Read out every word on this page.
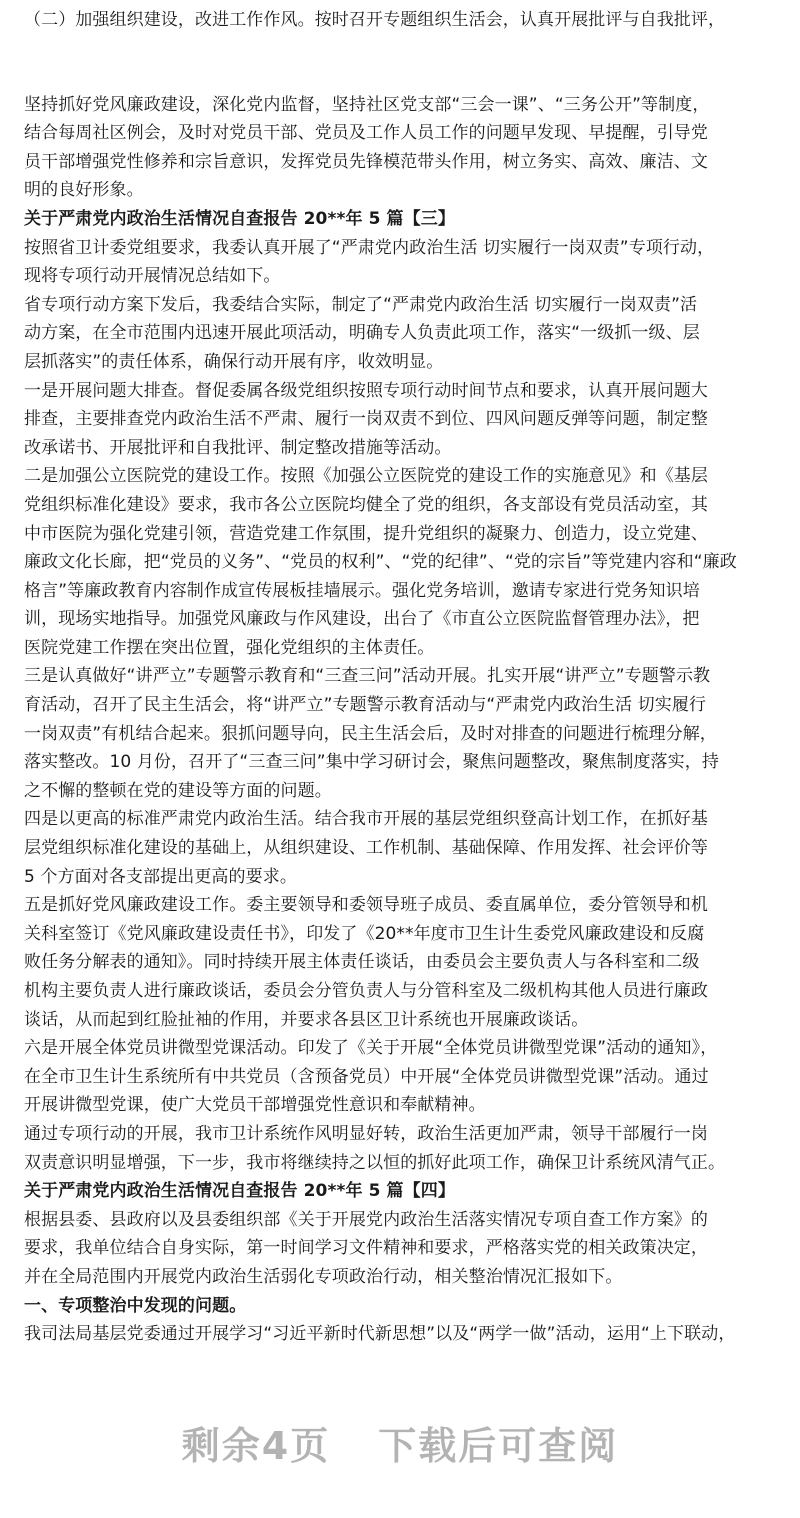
（二）加强组织建设，改进工作作风。按时召开专题组织生活会，认真开展批评与自我批评，
坚持抓好党风廉政建设，深化党内监督，坚持社区党支部“三会一课”、“三务公开”等制度，
结合每周社区例会，及时对党员干部、党员及工作人员工作的问题早发现、早提醒，引导党
员干部增强党性修养和宗旨意识，发挥党员先锋模范带头作用，树立务实、高效、廉洁、文
明的良好形象。
关于严肃党内政治生活情况自查报告 20**年 5 篇【三】
按照省卫计委党组要求，我委认真开展了“严肃党内政治生活 切实履行一岗双责”专项行动，
现将专项行动开展情况总结如下。
省专项行动方案下发后，我委结合实际，制定了“严肃党内政治生活 切实履行一岗双责”活
动方案，在全市范围内迅速开展此项活动，明确专人负责此项工作，落实“一级抓一级、层
层抓落实”的责任体系，确保行动开展有序，收效明显。
一是开展问题大排查。督促委属各级党组织按照专项行动时间节点和要求，认真开展问题大
排查，主要排查党内政治生活不严肃、履行一岗双责不到位、四风问题反弹等问题，制定整
改承诺书、开展批评和自我批评、制定整改措施等活动。
二是加强公立医院党的建设工作。按照《加强公立医院党的建设工作的实施意见》和《基层
党组织标准化建设》要求，我市各公立医院均健全了党的组织，各支部设有党员活动室，其
中市医院为强化党建引领，营造党建工作氛围，提升党组织的凝聚力、创造力，设立党建、
廉政文化长廊，把“党员的义务”、“党员的权利”、“党的纪律”、“党的宗旨”等党建内容和“廉政
格言”等廉政教育内容制作成宣传展板挂墙展示。强化党务培训，邀请专家进行党务知识培
训，现场实地指导。加强党风廉政与作风建设，出台了《市直公立医院监督管理办法》，把
医院党建工作摆在突出位置，强化党组织的主体责任。
三是认真做好“讲严立”专题警示教育和“三查三问”活动开展。扎实开展“讲严立”专题警示教
育活动，召开了民主生活会，将“讲严立”专题警示教育活动与“严肃党内政治生活 切实履行
一岗双责”有机结合起来。狠抓问题导向，民主生活会后，及时对排查的问题进行梳理分解，
落实整改。10 月份，召开了“三查三问”集中学习研讨会，聚焦问题整改，聚焦制度落实，持
之不懈的整顿在党的建设等方面的问题。
四是以更高的标准严肃党内政治生活。结合我市开展的基层党组织登高计划工作，在抓好基
层党组织标准化建设的基础上，从组织建设、工作机制、基础保障、作用发挥、社会评价等
5 个方面对各支部提出更高的要求。
五是抓好党风廉政建设工作。委主要领导和委领导班子成员、委直属单位，委分管领导和机
关科室签订《党风廉政建设责任书》，印发了《20**年度市卫生计生委党风廉政建设和反腐
败任务分解表的通知》。同时持续开展主体责任谈话，由委员会主要负责人与各科室和二级
机构主要负责人进行廉政谈话，委员会分管负责人与分管科室及二级机构其他人员进行廉政
谈话，从而起到红脸扯袖的作用，并要求各县区卫计系统也开展廉政谈话。
六是开展全体党员讲微型党课活动。印发了《关于开展“全体党员讲微型党课”活动的通知》，
在全市卫生计生系统所有中共党员（含预备党员）中开展“全体党员讲微型党课”活动。通过
开展讲微型党课，使广大党员干部增强党性意识和奉献精神。
通过专项行动的开展，我市卫计系统作风明显好转，政治生活更加严肃，领导干部履行一岗
双责意识明显增强，下一步，我市将继续持之以恒的抓好此项工作，确保卫计系统风清气正。
关于严肃党内政治生活情况自查报告 20**年 5 篇【四】
根据县委、县政府以及县委组织部《关于开展党内政治生活落实情况专项自查工作方案》的
要求，我单位结合自身实际，第一时间学习文件精神和要求，严格落实党的相关政策决定，
并在全局范围内开展党内政治生活弱化专项政治行动，相关整治情况汇报如下。
一、专项整治中发现的问题。
我司法局基层党委通过开展学习“习近平新时代新思想”以及“两学一做”活动，运用“上下联动，
剩余4页 下载后可查阅
